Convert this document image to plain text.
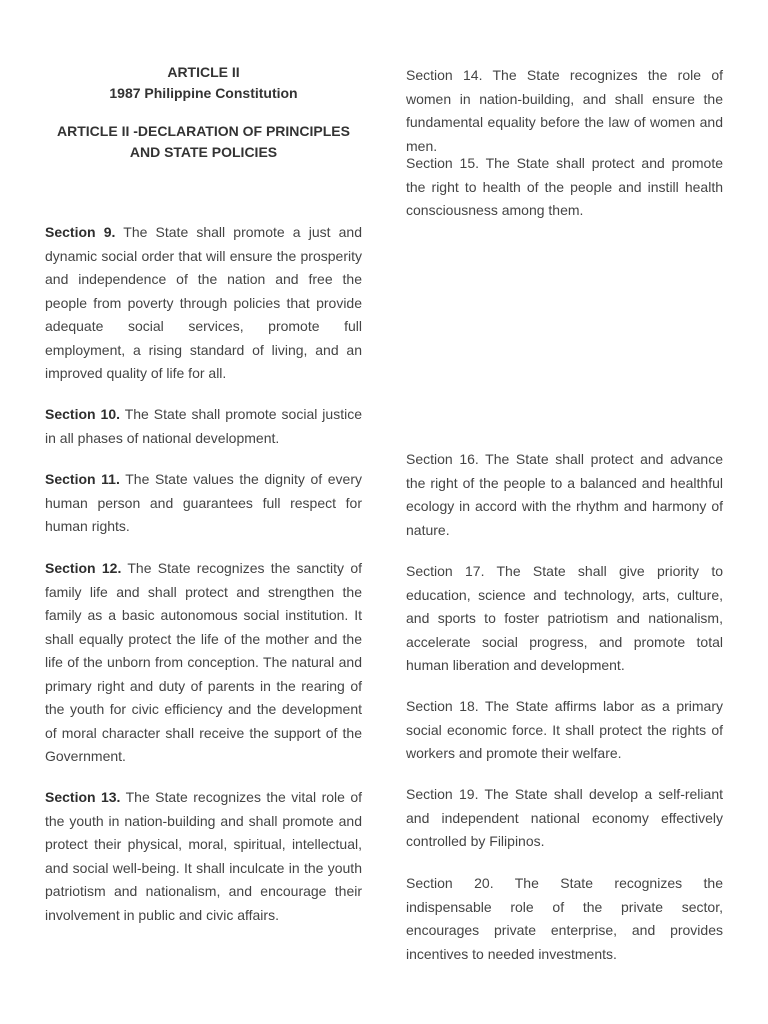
ARTICLE II
1987 Philippine Constitution
ARTICLE II -DECLARATION OF PRINCIPLES
AND STATE POLICIES

Section 9. The State shall promote a just and dynamic social order that will ensure the prosperity and independence of the nation and free the people from poverty through policies that provide adequate social services, promote full employment, a rising standard of living, and an improved quality of life for all.

Section 10. The State shall promote social justice in all phases of national development.

Section 11. The State values the dignity of every human person and guarantees full respect for human rights.

Section 12. The State recognizes the sanctity of family life and shall protect and strengthen the family as a basic autonomous social institution. It shall equally protect the life of the mother and the life of the unborn from conception. The natural and primary right and duty of parents in the rearing of the youth for civic efficiency and the development of moral character shall receive the support of the Government.

Section 13. The State recognizes the vital role of the youth in nation-building and shall promote and protect their physical, moral, spiritual, intellectual, and social well-being. It shall inculcate in the youth patriotism and nationalism, and encourage their involvement in public and civic affairs.

Section 14. The State recognizes the role of women in nation-building, and shall ensure the fundamental equality before the law of women and men.

Section 15. The State shall protect and promote the right to health of the people and instill health consciousness among them.

Section 16. The State shall protect and advance the right of the people to a balanced and healthful ecology in accord with the rhythm and harmony of nature.

Section 17. The State shall give priority to education, science and technology, arts, culture, and sports to foster patriotism and nationalism, accelerate social progress, and promote total human liberation and development.

Section 18. The State affirms labor as a primary social economic force. It shall protect the rights of workers and promote their welfare.

Section 19. The State shall develop a self-reliant and independent national economy effectively controlled by Filipinos.

Section 20. The State recognizes the indispensable role of the private sector, encourages private enterprise, and provides incentives to needed investments.
